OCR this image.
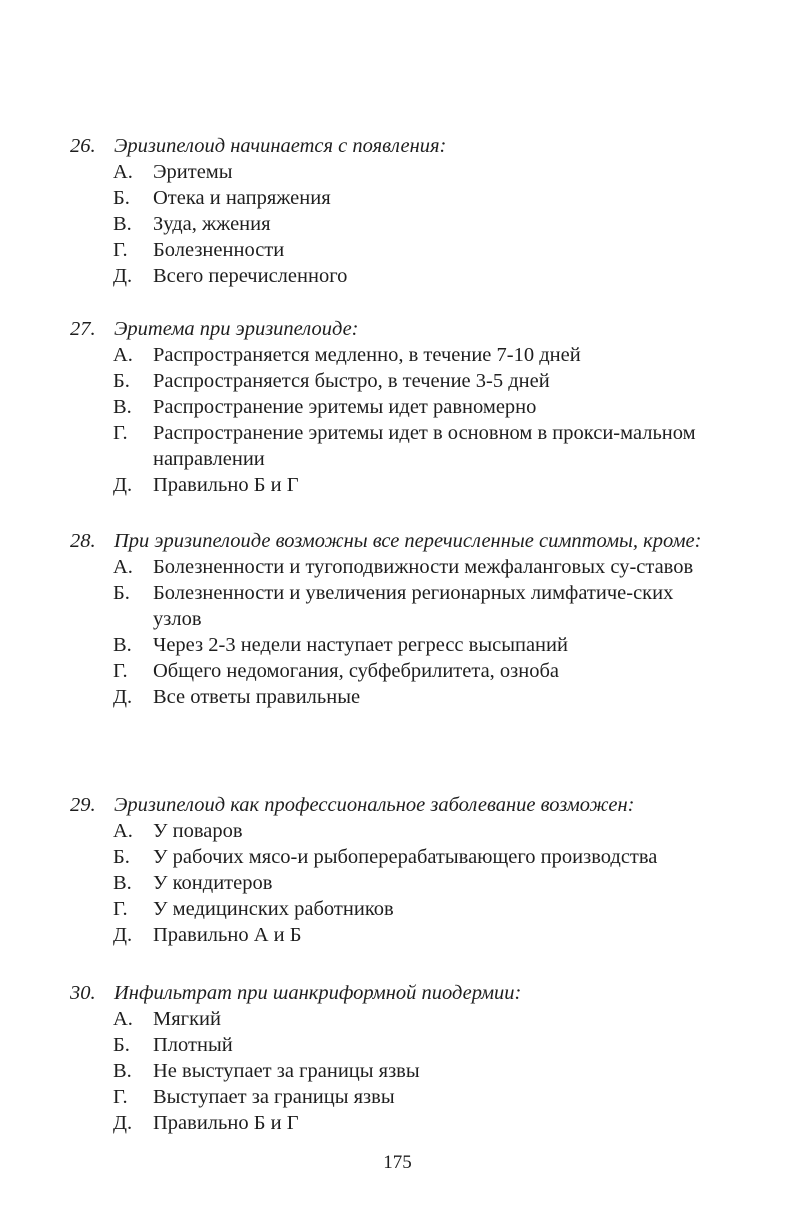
26. Эризипелоид начинается с появления:
А. Эритемы
Б.	Отека и напряжения
В.	Зуда, жжения
Г.	Болезненности
Д.	Всего перечисленного
27. Эритема при эризипелоиде:
А. Распространяется медленно, в течение 7-10 дней
Б.	Распространяется быстро, в течение 3-5 дней
В.	Распространение эритемы идет равномерно
Г.	Распространение эритемы идет в основном в прокси-мальном направлении
Д.	Правильно Б и Г
28. При эризипелоиде возможны все перечисленные симптомы, кроме:
А. Болезненности и тугоподвижности межфаланговых су-ставов
Б.	Болезненности и увеличения регионарных лимфатиче-ских узлов
В.	Через 2-3 недели наступает регресс высыпаний
Г.	Общего недомогания, субфебрилитета, озноба
Д.	Все ответы правильные
29. Эризипелоид как профессиональное заболевание возможен:
А. У поваров
Б.	У рабочих мясо-и рыбоперерабатывающего производства
В.	У кондитеров
Г.	У медицинских работников
Д.	Правильно А и Б
30. Инфильтрат при шанкриформной пиодермии:
А. Мягкий
Б.	Плотный
В.	Не выступает за границы язвы
Г.	Выступает за границы язвы
Д.	Правильно Б и Г
175
